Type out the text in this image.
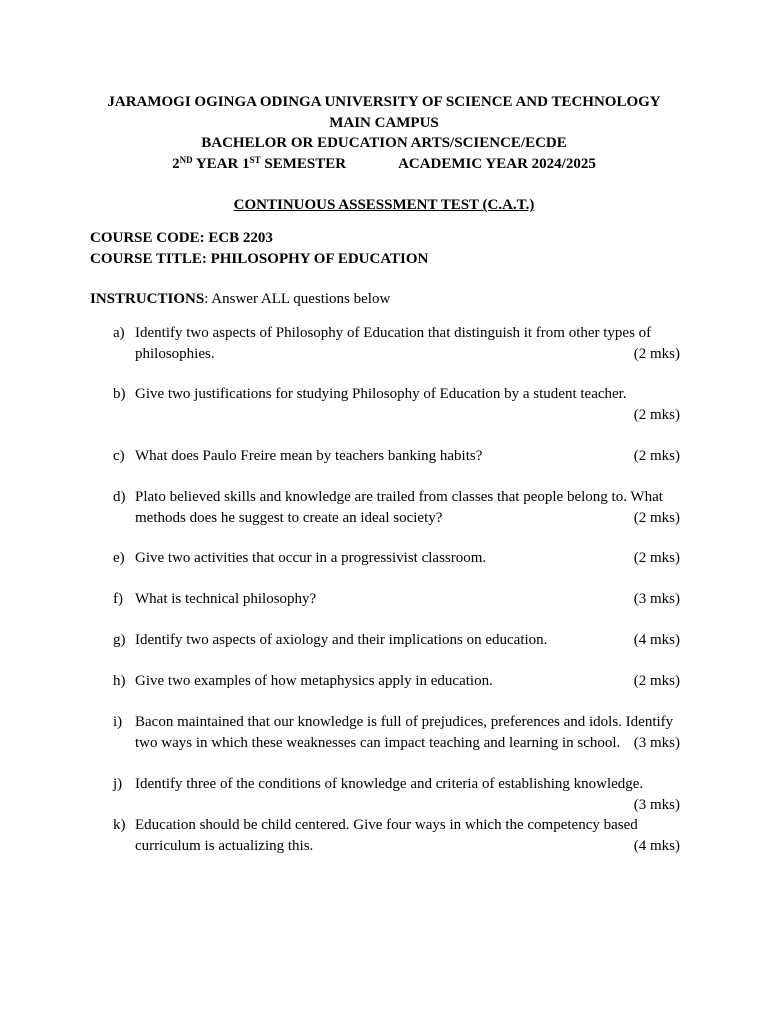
JARAMOGI OGINGA ODINGA UNIVERSITY OF SCIENCE AND TECHNOLOGY
MAIN CAMPUS
BACHELOR OR EDUCATION ARTS/SCIENCE/ECDE
2ND YEAR 1ST SEMESTER	ACADEMIC YEAR 2024/2025
CONTINUOUS ASSESSMENT TEST (C.A.T.)
COURSE CODE: ECB 2203
COURSE TITLE: PHILOSOPHY OF EDUCATION
INSTRUCTIONS: Answer ALL questions below
a) Identify two aspects of Philosophy of Education that distinguish it from other types of
philosophies.	(2 mks)
b) Give two justifications for studying Philosophy of Education by a student teacher.
(2 mks)
c) What does Paulo Freire mean by teachers banking habits?	(2 mks)
d) Plato believed skills and knowledge are trailed from classes that people belong to. What
methods does he suggest to create an ideal society?	(2 mks)
e) Give two activities that occur in a progressivist classroom.	(2 mks)
f) What is technical philosophy?	(3 mks)
g) Identify two aspects of axiology and their implications on education.	(4 mks)
h) Give two examples of how metaphysics apply in education.	(2 mks)
i) Bacon maintained that our knowledge is full of prejudices, preferences and idols. Identify
two ways in which these weaknesses can impact teaching and learning in school. (3 mks)
j) Identify three of the conditions of knowledge and criteria of establishing knowledge.
(3 mks)
k) Education should be child centered. Give four ways in which the competency based
curriculum is actualizing this.	(4 mks)
